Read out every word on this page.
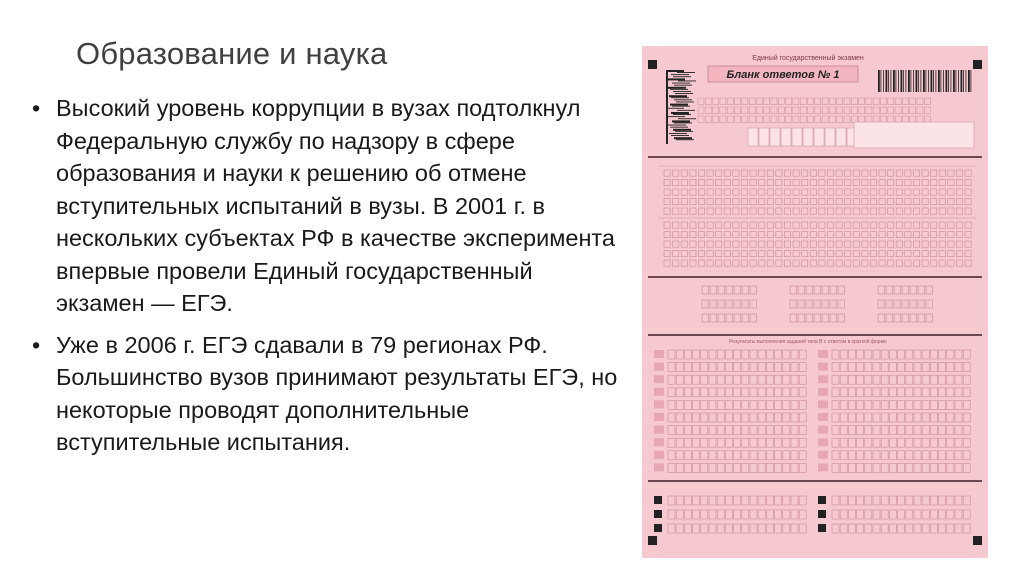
Образование и наука
• Высокий уровень коррупции в вузах подтолкнул Федеральную службу по надзору в сфере образования и науки к решению об отмене вступительных испытаний в вузы. В 2001 г. в нескольких субъектах РФ в качестве эксперимента впервые провели Единый государственный экзамен — ЕГЭ.
• Уже в 2006 г. ЕГЭ сдавали в 79 регионах РФ. Большинство вузов принимают результаты ЕГЭ, но некоторые проводят дополнительные вступительные испытания.
Единый государственный экзамен
Бланк ответов № 1
Результаты выполнения заданий типа В с ответом в краткой форме
